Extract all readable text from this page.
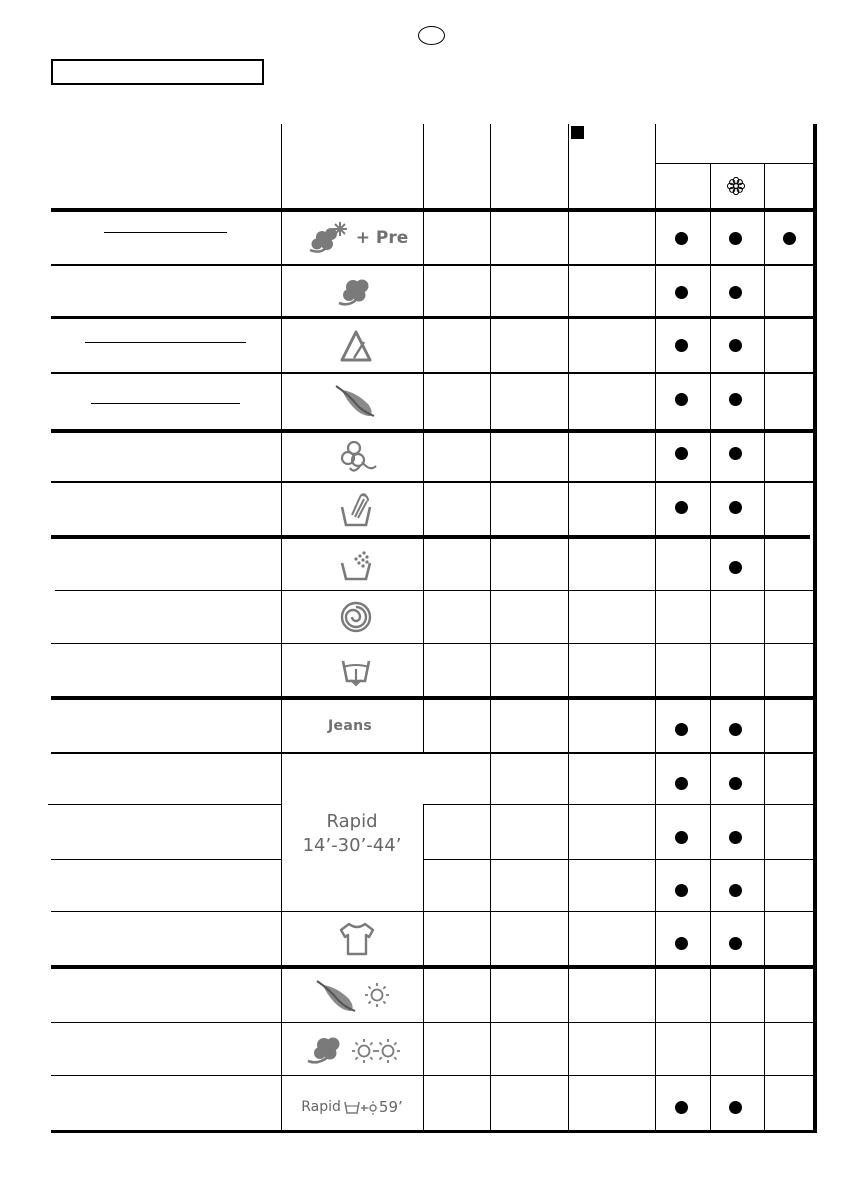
+ Pre
Jeans
Rapid
14’-30’-44’
Rapid	59’
